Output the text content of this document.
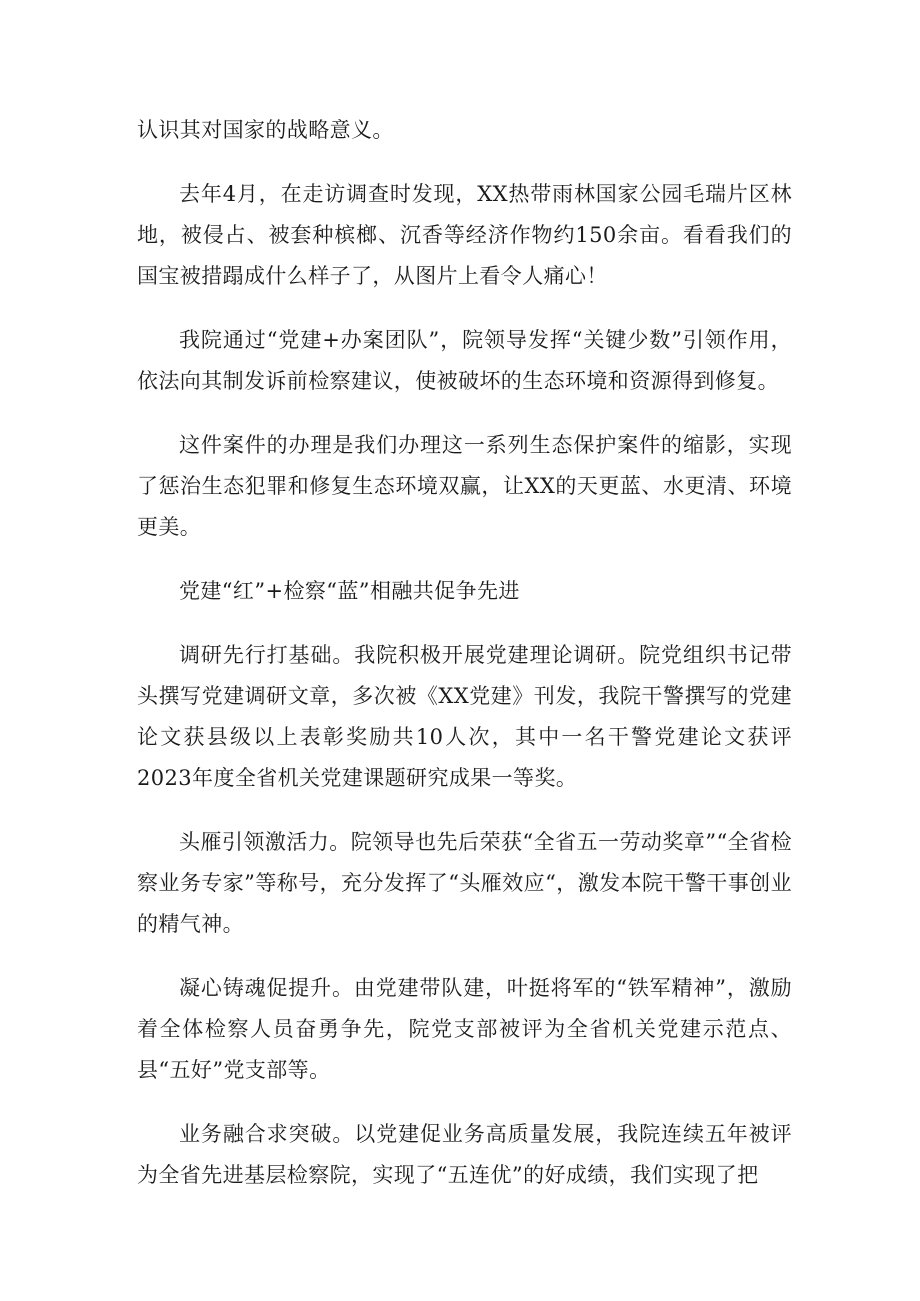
认识其对国家的战略意义。

去年4月，在走访调查时发现，XX热带雨林国家公园毛瑞片区林地，被侵占、被套种槟榔、沉香等经济作物约150余亩。看看我们的国宝被措蹋成什么样子了，从图片上看令人痛心！

我院通过“党建+办案团队”，院领导发挥“关键少数”引领作用，依法向其制发诉前检察建议，使被破坏的生态环境和资源得到修复。

这件案件的办理是我们办理这一系列生态保护案件的缩影，实现了惩治生态犯罪和修复生态环境双赢，让XX的天更蓝、水更清、环境更美。

党建“红”+检察“蓝”相融共促争先进

调研先行打基础。我院积极开展党建理论调研。院党组织书记带头撰写党建调研文章，多次被《XX党建》刊发，我院干警撰写的党建论文获县级以上表彰奖励共10人次，其中一名干警党建论文获评2023年度全省机关党建课题研究成果一等奖。

头雁引领激活力。院领导也先后荣获“全省五一劳动奖章”“全省检察业务专家”等称号，充分发挥了“头雁效应“，激发本院干警干事创业的精气神。

凝心铸魂促提升。由党建带队建，叶挺将军的“铁军精神”，激励着全体检察人员奋勇争先，院党支部被评为全省机关党建示范点、县“五好”党支部等。

业务融合求突破。以党建促业务高质量发展，我院连续五年被评为全省先进基层检察院，实现了“五连优”的好成绩，我们实现了把
